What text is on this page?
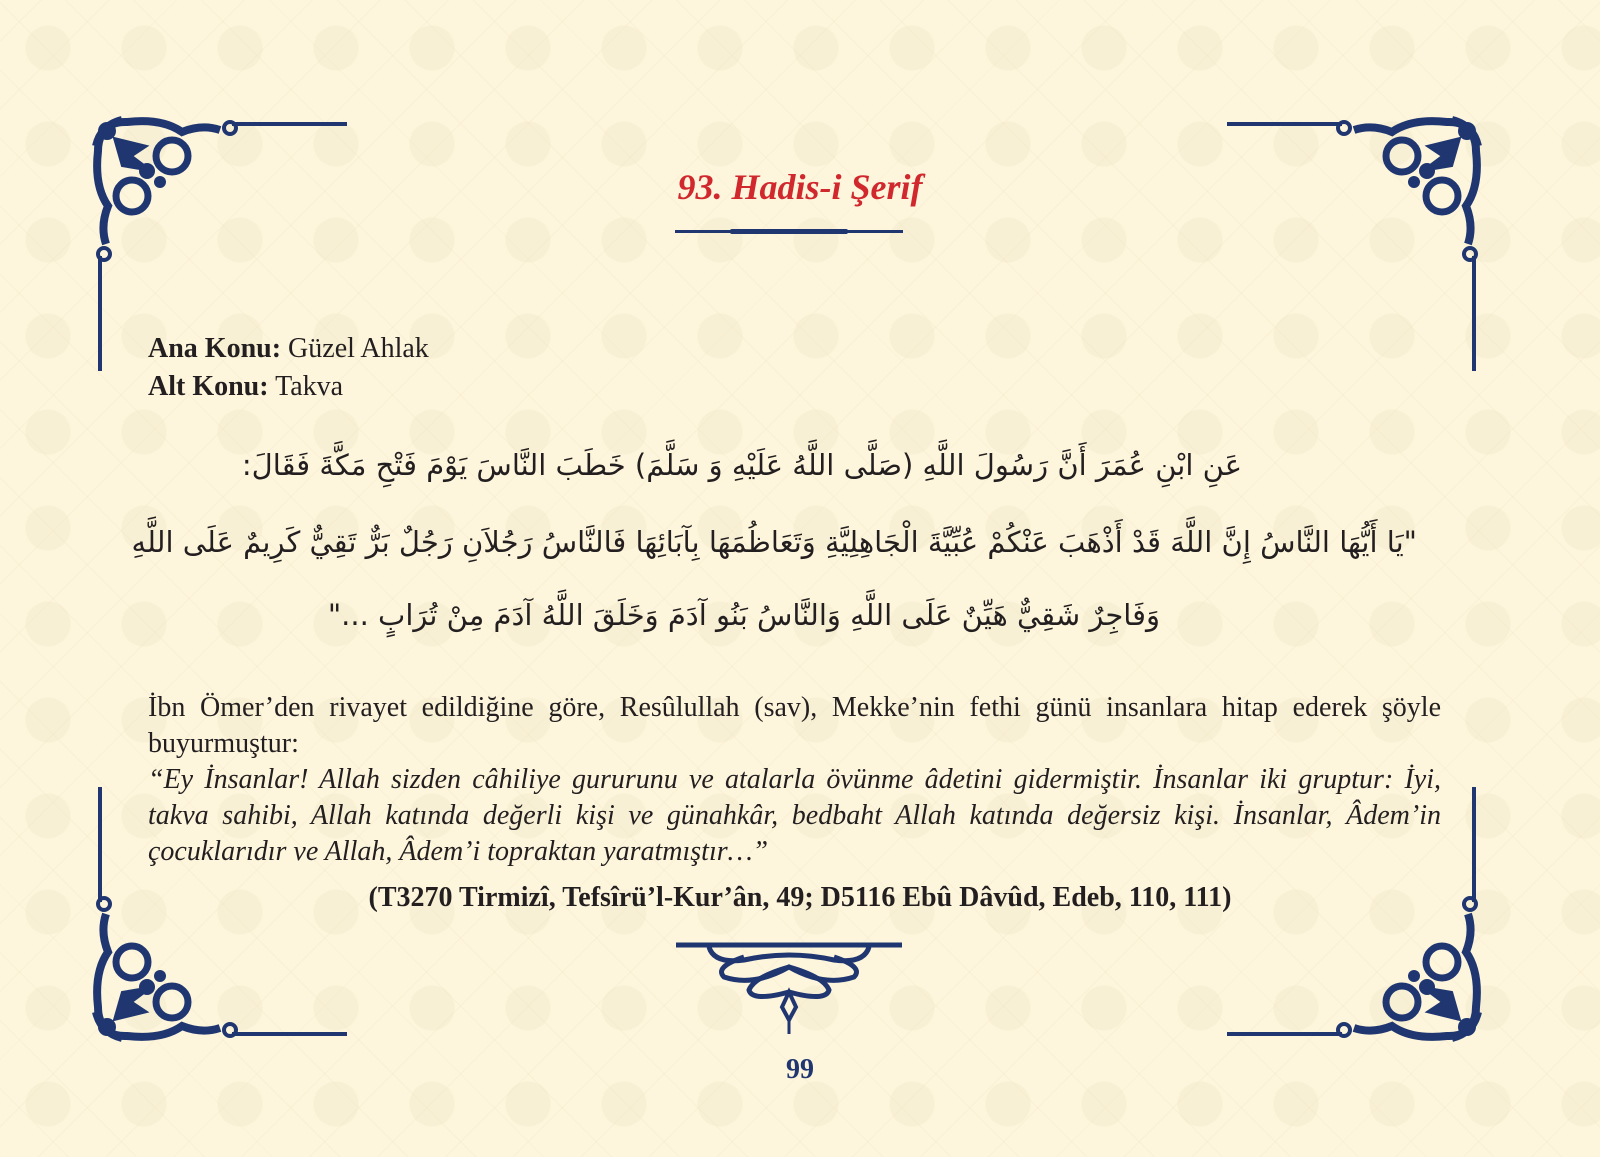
93. Hadis-i Şerif
Ana Konu: Güzel Ahlak
Alt Konu: Takva
عَنِ ابْنِ عُمَرَ أَنَّ رَسُولَ اللَّهِ (صَلَّى اللَّهُ عَلَيْهِ وَ سَلَّمَ) خَطَبَ النَّاسَ يَوْمَ فَتْحِ مَكَّةَ فَقَالَ:
"يَا أَيُّهَا النَّاسُ إِنَّ اللَّهَ قَدْ أَذْهَبَ عَنْكُمْ عُبِّيَّةَ الْجَاهِلِيَّةِ وَتَعَاظُمَهَا بِآبَائِهَا فَالنَّاسُ رَجُلاَنِ رَجُلٌ بَرٌّ تَقِيٌّ كَرِيمٌ عَلَى اللَّهِ
وَفَاجِرٌ شَقِيٌّ هَيِّنٌ عَلَى اللَّهِ وَالنَّاسُ بَنُو آدَمَ وَخَلَقَ اللَّهُ آدَمَ مِنْ تُرَابٍ ..."
İbn Ömer’den rivayet edildiğine göre, Resûlullah (sav), Mekke’nin fethi günü insanlara hitap ederek şöyle buyurmuştur:
“Ey İnsanlar! Allah sizden câhiliye gururunu ve atalarla övünme âdetini gidermiştir. İnsanlar iki gruptur: İyi, takva sahibi, Allah katında değerli kişi ve günahkâr, bedbaht Allah katında değersiz kişi. İnsanlar, Âdem’in çocuklarıdır ve Allah, Âdem’i topraktan yaratmıştır…”
(T3270 Tirmizî, Tefsîrü’l-Kur’ân, 49; D5116 Ebû Dâvûd, Edeb, 110, 111)
99
